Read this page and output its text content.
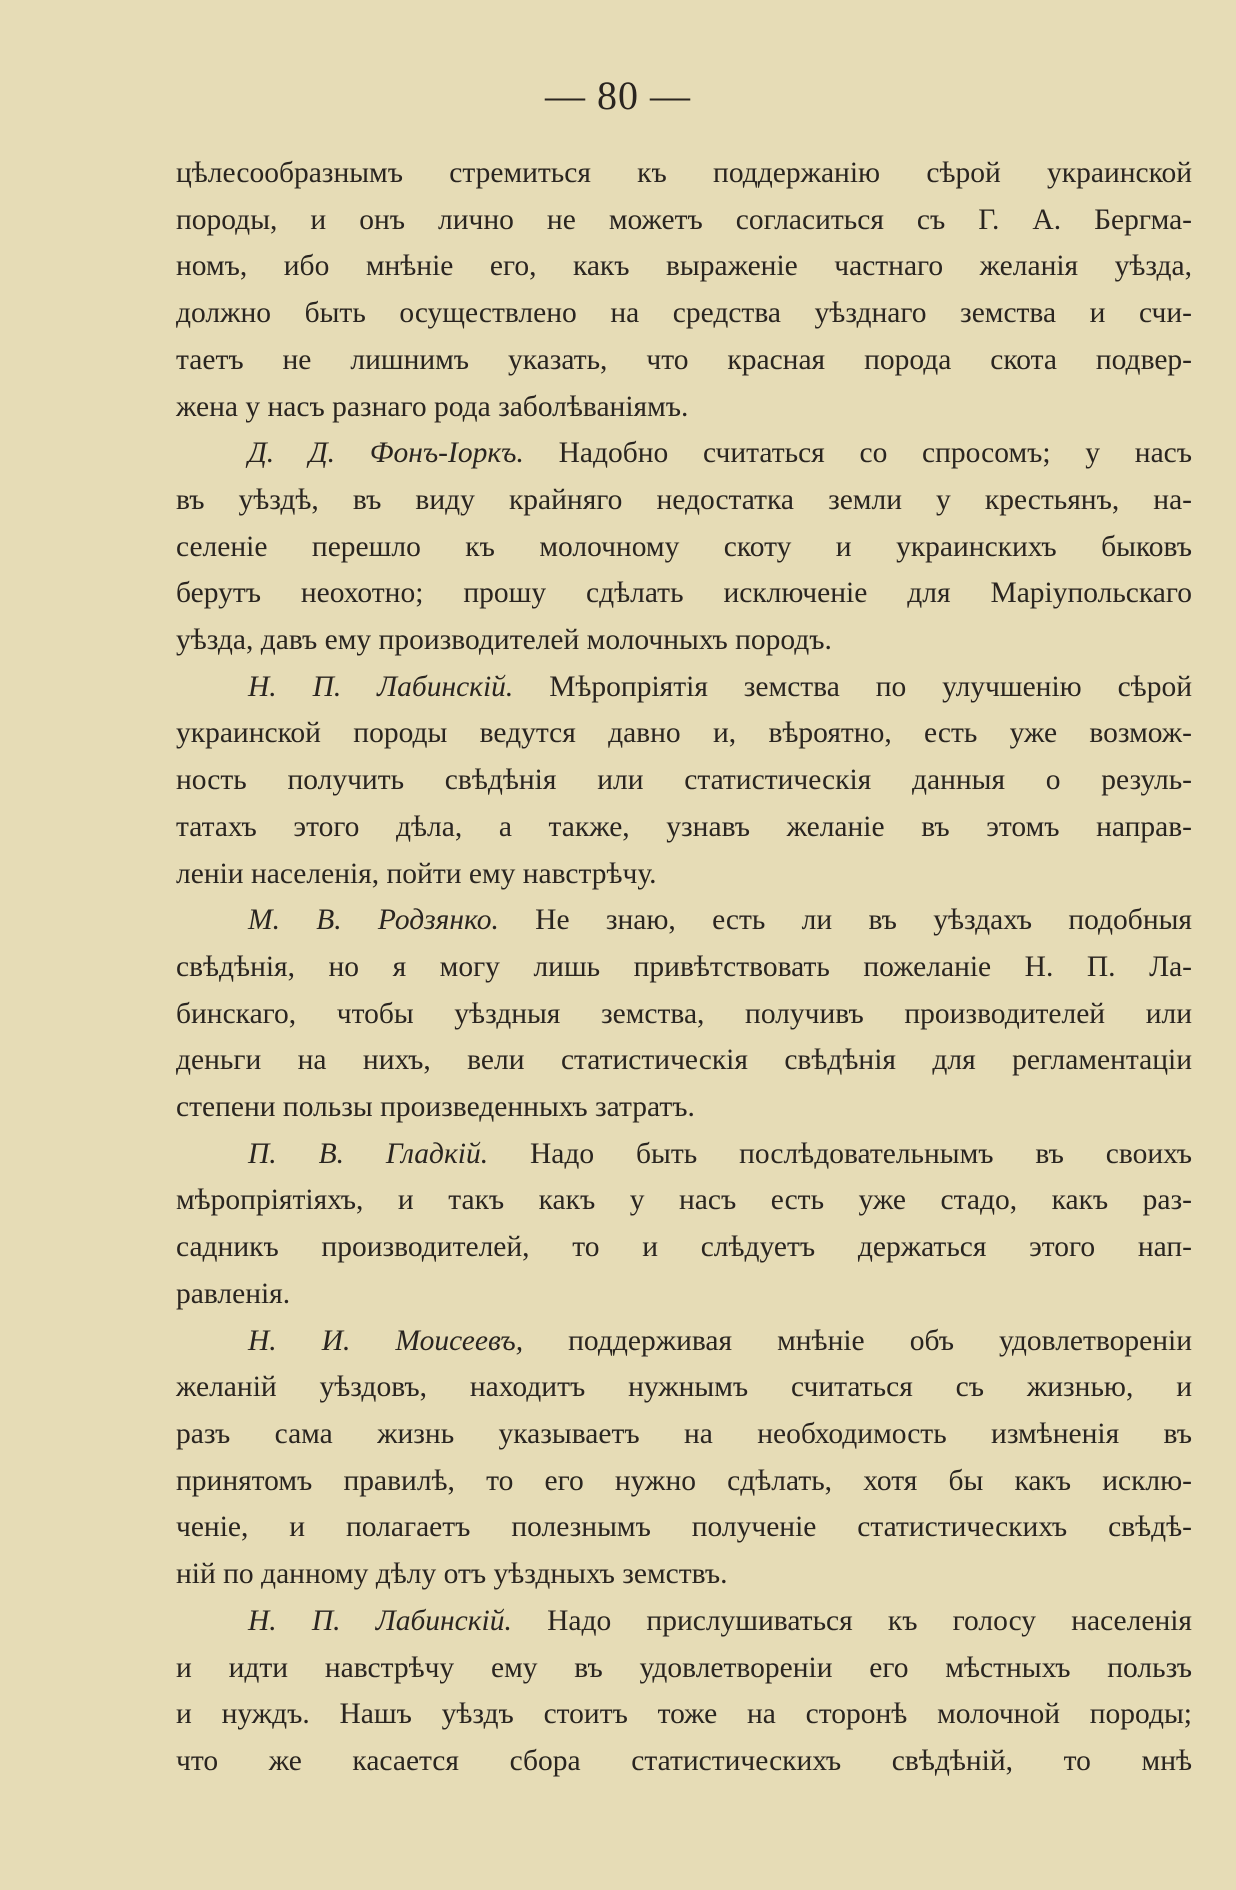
— 80 —
цѣлесообразнымъ стремиться къ поддержанію сѣрой украинской
породы, и онъ лично не можетъ согласиться съ Г. А. Бергма-
номъ, ибо мнѣніе его, какъ выраженіе частнаго желанія уѣзда,
должно быть осуществлено на средства уѣзднаго земства и счи-
таетъ не лишнимъ указать, что красная порода скота подвер-
жена у насъ разнаго рода заболѣваніямъ.
Д. Д. Фонъ-Іоркъ. Надобно считаться со спросомъ; у насъ
въ уѣздѣ, въ виду крайняго недостатка земли у крестьянъ, на-
селеніе перешло къ молочному скоту и украинскихъ быковъ
берутъ неохотно; прошу сдѣлать исключеніе для Маріупольскаго
уѣзда, давъ ему производителей молочныхъ породъ.
Н. П. Лабинскій. Мѣропріятія земства по улучшенію сѣрой
украинской породы ведутся давно и, вѣроятно, есть уже возмож-
ность получить свѣдѣнія или статистическія данныя о резуль-
татахъ этого дѣла, а также, узнавъ желаніе въ этомъ направ-
леніи населенія, пойти ему навстрѣчу.
М. В. Родзянко. Не знаю, есть ли въ уѣздахъ подобныя
свѣдѣнія, но я могу лишь привѣтствовать пожеланіе Н. П. Ла-
бинскаго, чтобы уѣздныя земства, получивъ производителей или
деньги на нихъ, вели статистическія свѣдѣнія для регламентаціи
степени пользы произведенныхъ затратъ.
П. В. Гладкій. Надо быть послѣдовательнымъ въ своихъ
мѣропріятіяхъ, и такъ какъ у насъ есть уже стадо, какъ раз-
садникъ производителей, то и слѣдуетъ держаться этого нап-
равленія.
Н. И. Моисеевъ, поддерживая мнѣніе объ удовлетвореніи
желаній уѣздовъ, находитъ нужнымъ считаться съ жизнью, и
разъ сама жизнь указываетъ на необходимость измѣненія въ
принятомъ правилѣ, то его нужно сдѣлать, хотя бы какъ исклю-
ченіе, и полагаетъ полезнымъ полученіе статистическихъ свѣдѣ-
ній по данному дѣлу отъ уѣздныхъ земствъ.
Н. П. Лабинскій. Надо прислушиваться къ голосу населенія
и идти навстрѣчу ему въ удовлетвореніи его мѣстныхъ пользъ
и нуждъ. Нашъ уѣздъ стоитъ тоже на сторонѣ молочной породы;
что же касается сбора статистическихъ свѣдѣній, то мнѣ
